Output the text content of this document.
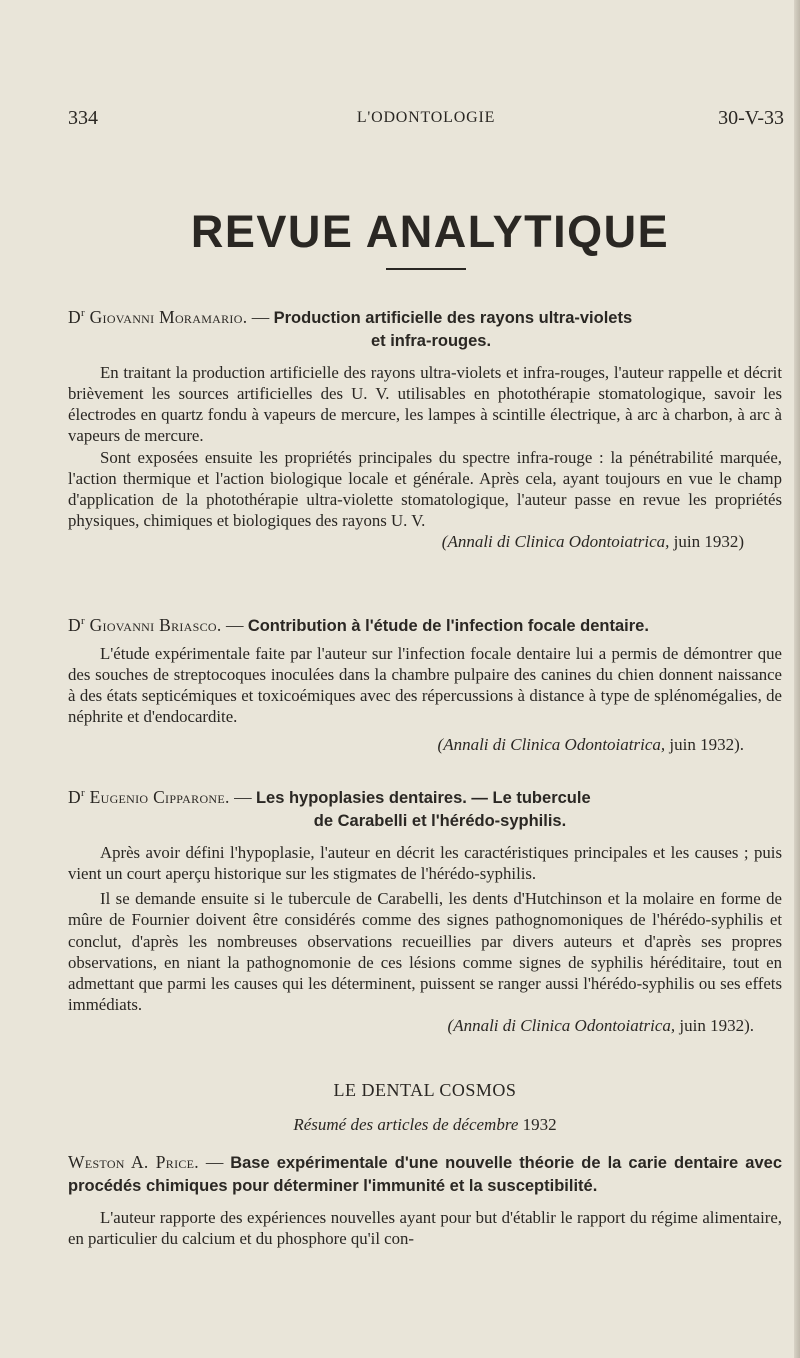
334	L'ODONTOLOGIE	30-V-33
REVUE ANALYTIQUE

$D^r$ Giovanni Moramario. — Production artificielle des rayons ultra-violets

et infra-rouges.

En traitant la production artificielle des rayons ultra-violets et infra-rouges, l'auteur rappelle et décrit brièvement les sources artificielles des U. V. utilisables en photothérapie stomatologique, savoir les électrodes en quartz fondu à vapeurs de mercure, les lampes à scintille électrique, à arc à charbon, à arc à vapeurs de mercure.

Sont exposées ensuite les propriétés principales du spectre infra-rouge : la pénétrabilité marquée, l'action thermique et l'action biologique locale et générale. Après cela, ayant toujours en vue le champ d'application de la photothérapie ultra-violette stomatologique, l'auteur passe en revue les propriétés physiques, chimiques et biologiques des rayons U. V.

(Annali di Clinica Odontoiatrica, juin 1932)

$D^r$ Giovanni Briasco. — Contribution à l'étude de l'infection focale dentaire.

L'étude expérimentale faite par l'auteur sur l'infection focale dentaire lui a permis de démontrer que des souches de streptocoques inoculées dans la chambre pulpaire des canines du chien donnent naissance à des états septicémiques et toxicoémiques avec des répercussions à distance à type de splénomégalies, de néphrite et d'endocardite.

(Annali di Clinica Odontoiatrica, juin 1932).

$D^r$ Eugenio Cipparone. — Les hypoplasies dentaires. — Le tubercule

de Carabelli et l'hérédo-syphilis.

Après avoir défini l'hypoplasie, l'auteur en décrit les caractéristiques principales et les causes ; puis vient un court aperçu historique sur les stigmates de l'hérédo-syphilis.

Il se demande ensuite si le tubercule de Carabelli, les dents d'Hutchinson et la molaire en forme de mûre de Fournier doivent être considérés comme des signes pathognomoniques de l'hérédo-syphilis et conclut, d'après les nombreuses observations recueillies par divers auteurs et d'après ses propres observations, en niant la pathognomonie de ces lésions comme signes de syphilis héréditaire, tout en admettant que parmi les causes qui les déterminent, puissent se ranger aussi l'hérédo-syphilis ou ses effets immédiats.

(Annali di Clinica Odontoiatrica, juin 1932).

LE DENTAL COSMOS

Résumé des articles de décembre 1932

Weston A. Price. — Base expérimentale d'une nouvelle théorie de la carie dentaire avec procédés chimiques pour déterminer l'immunité et la susceptibilité.

L'auteur rapporte des expériences nouvelles ayant pour but d'établir le rapport du régime alimentaire, en particulier du calcium et du phosphore qu'il con-
